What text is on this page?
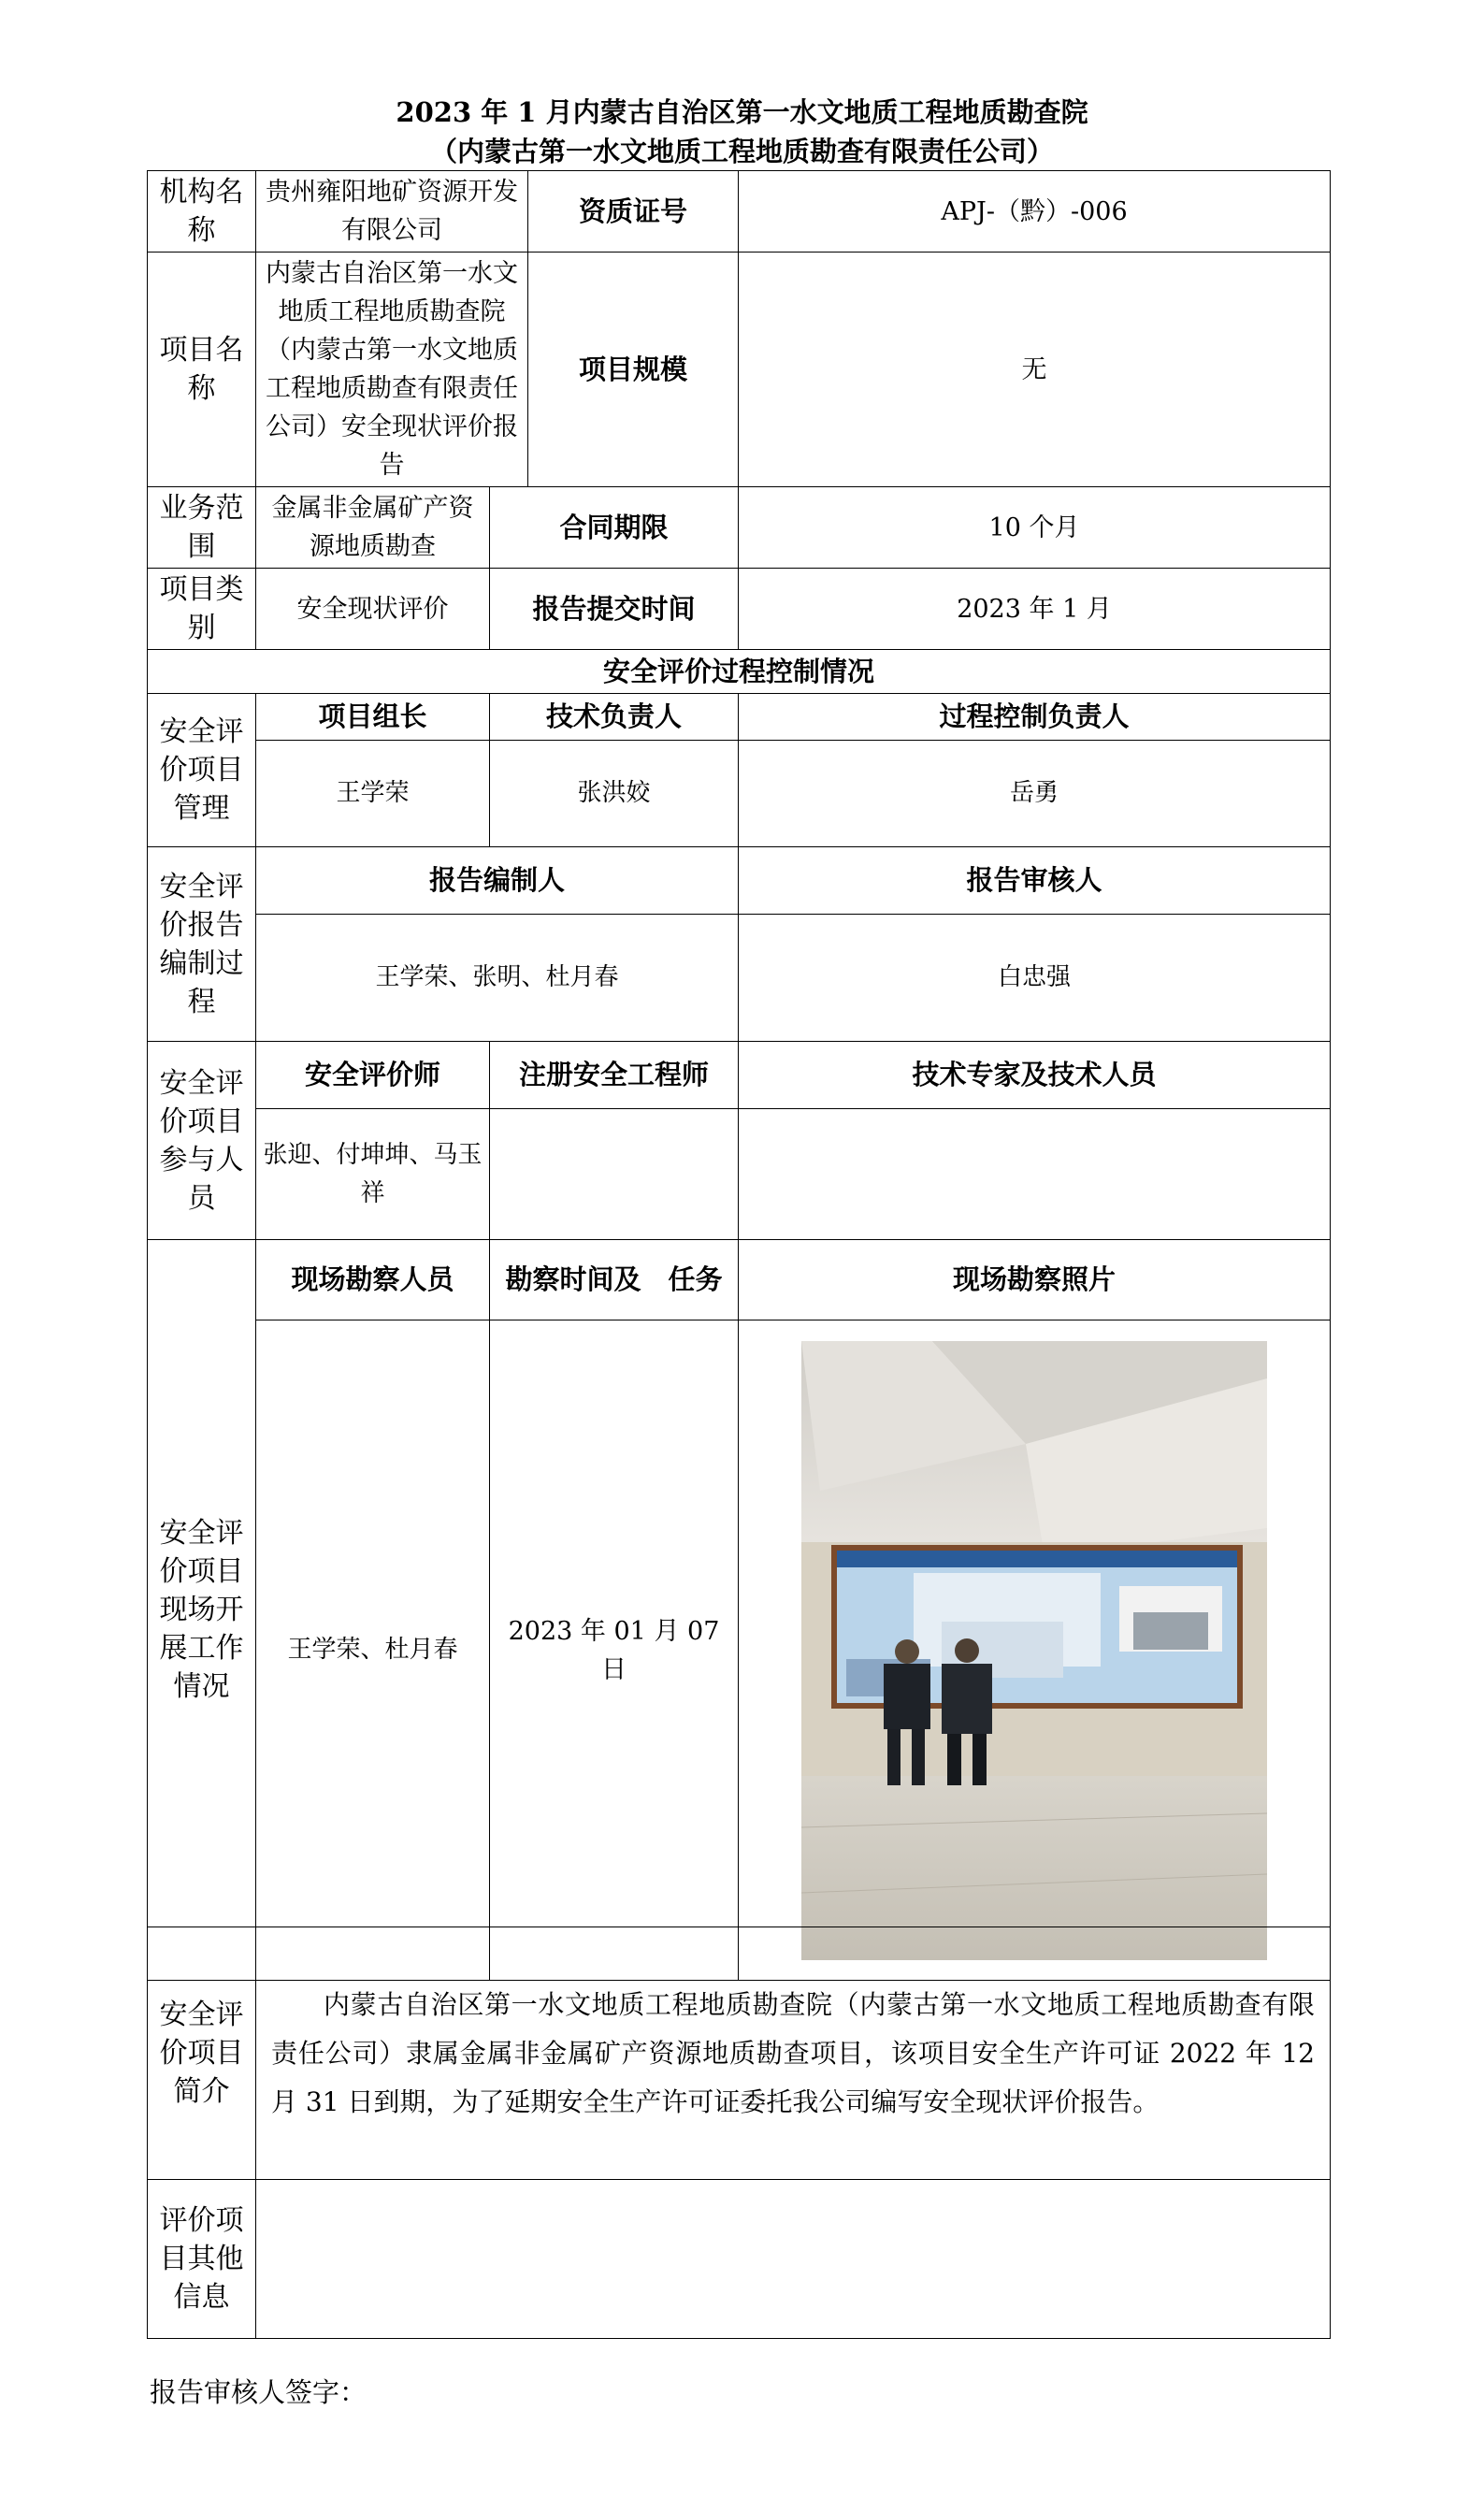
2023 年 1 月内蒙古自治区第一水文地质工程地质勘查院
（内蒙古第一水文地质工程地质勘查有限责任公司）
机构名称	贵州雍阳地矿资源开发有限公司		资质证号	APJ-（黔）-006
项目名称	内蒙古自治区第一水文地质工程地质勘查院（内蒙古第一水文地质工程地质勘查有限责任公司）安全现状评价报告		项目规模	无
业务范围	金属非金属矿产资源地质勘查	合同期限		10 个月
项目类别	安全现状评价	报告提交时间		2023 年 1 月
安全评价过程控制情况				
安全评价项目管理	项目组长	技术负责人		过程控制负责人
	王学荣	张洪姣		岳勇
安全评价报告编制过程	报告编制人			报告审核人
	王学荣、张明、杜月春			白忠强
安全评价项目参与人员	安全评价师	注册安全工程师		技术专家及技术人员
	张迎、付坤坤、马玉祥			
安全评价项目现场开展工作情况	现场勘察人员	勘察时间及　任务		现场勘察照片
	王学荣、杜月春	2023 年 01 月 07 日	
安全评价项目简介	内蒙古自治区第一水文地质工程地质勘查院（内蒙古第一水文地质工程地质勘查有限责任公司）隶属金属非金属矿产资源地质勘查项目，该项目安全生产许可证 2022 年 12 月 31 日到期，为了延期安全生产许可证委托我公司编写安全现状评价报告。
评价项目其他信息	
报告审核人签字：
